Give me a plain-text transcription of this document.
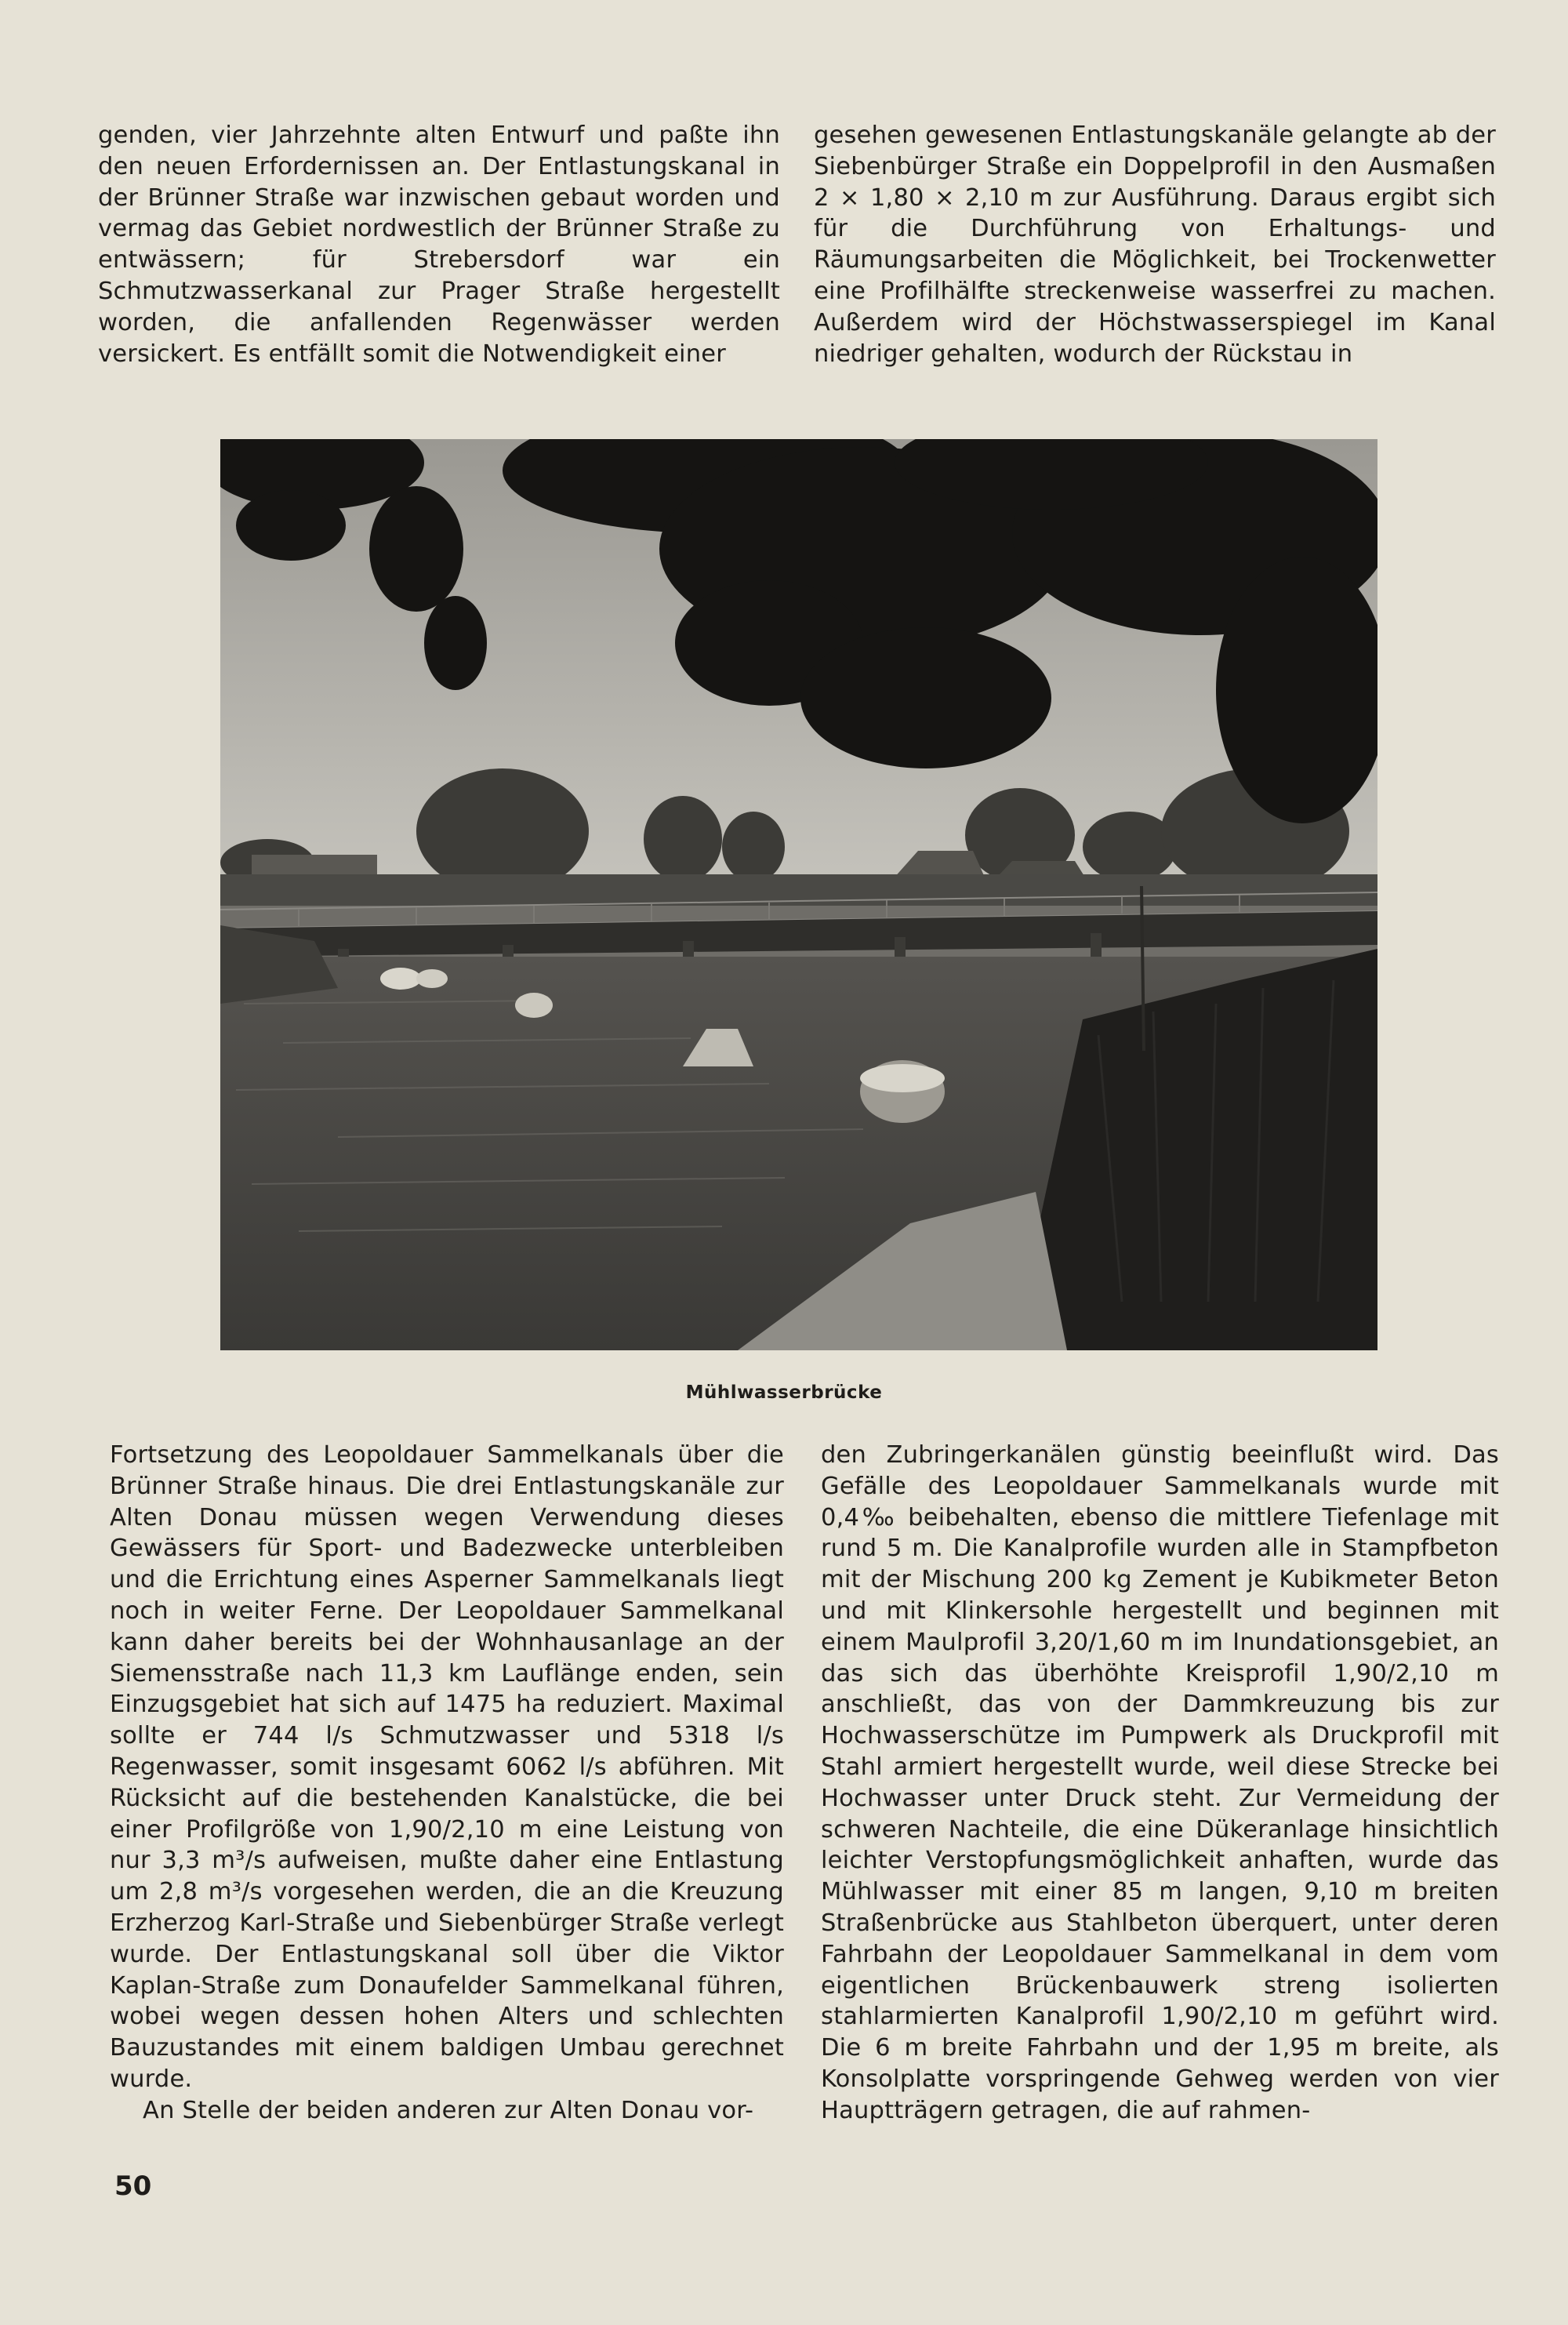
genden, vier Jahrzehnte alten Entwurf und paßte ihn den neuen Erfordernissen an. Der Entlastungskanal in der Brünner Straße war inzwischen gebaut worden und vermag das Gebiet nordwestlich der Brünner Straße zu entwässern; für Strebersdorf war ein Schmutzwasserkanal zur Prager Straße hergestellt worden, die anfallenden Regenwässer werden versickert. Es entfällt somit die Notwendigkeit einer

gesehen gewesenen Entlastungskanäle gelangte ab der Siebenbürger Straße ein Doppelprofil in den Ausmaßen 2 × 1,80 × 2,10 m zur Ausführung. Daraus ergibt sich für die Durchführung von Erhaltungs- und Räumungsarbeiten die Möglichkeit, bei Trockenwetter eine Profilhälfte streckenweise wasserfrei zu machen. Außerdem wird der Höchstwasserspiegel im Kanal niedriger gehalten, wodurch der Rückstau in

Mühlwasserbrücke

Fortsetzung des Leopoldauer Sammelkanals über die Brünner Straße hinaus. Die drei Entlastungskanäle zur Alten Donau müssen wegen Verwendung dieses Gewässers für Sport- und Badezwecke unterbleiben und die Errichtung eines Asperner Sammelkanals liegt noch in weiter Ferne. Der Leopoldauer Sammelkanal kann daher bereits bei der Wohnhausanlage an der Siemensstraße nach 11,3 km Lauflänge enden, sein Einzugsgebiet hat sich auf 1475 ha reduziert. Maximal sollte er 744 l/s Schmutzwasser und 5318 l/s Regenwasser, somit insgesamt 6062 l/s abführen. Mit Rücksicht auf die bestehenden Kanalstücke, die bei einer Profilgröße von 1,90/2,10 m eine Leistung von nur 3,3 m³/s aufweisen, mußte daher eine Entlastung um 2,8 m³/s vorgesehen werden, die an die Kreuzung Erzherzog Karl-Straße und Siebenbürger Straße verlegt wurde. Der Entlastungskanal soll über die Viktor Kaplan-Straße zum Donaufelder Sammelkanal führen, wobei wegen dessen hohen Alters und schlechten Bauzustandes mit einem baldigen Umbau gerechnet wurde.

An Stelle der beiden anderen zur Alten Donau vor-

den Zubringerkanälen günstig beeinflußt wird. Das Gefälle des Leopoldauer Sammelkanals wurde mit 0,4‰ beibehalten, ebenso die mittlere Tiefenlage mit rund 5 m. Die Kanalprofile wurden alle in Stampfbeton mit der Mischung 200 kg Zement je Kubikmeter Beton und mit Klinkersohle hergestellt und beginnen mit einem Maulprofil 3,20/1,60 m im Inundationsgebiet, an das sich das überhöhte Kreisprofil 1,90/2,10 m anschließt, das von der Dammkreuzung bis zur Hochwasserschütze im Pumpwerk als Druckprofil mit Stahl armiert hergestellt wurde, weil diese Strecke bei Hochwasser unter Druck steht. Zur Vermeidung der schweren Nachteile, die eine Dükeranlage hinsichtlich leichter Verstopfungsmöglichkeit anhaften, wurde das Mühlwasser mit einer 85 m langen, 9,10 m breiten Straßenbrücke aus Stahlbeton überquert, unter deren Fahrbahn der Leopoldauer Sammelkanal in dem vom eigentlichen Brückenbauwerk streng isolierten stahlarmierten Kanalprofil 1,90/2,10 m geführt wird. Die 6 m breite Fahrbahn und der 1,95 m breite, als Konsolplatte vorspringende Gehweg werden von vier Hauptträgern getragen, die auf rahmen-

50
